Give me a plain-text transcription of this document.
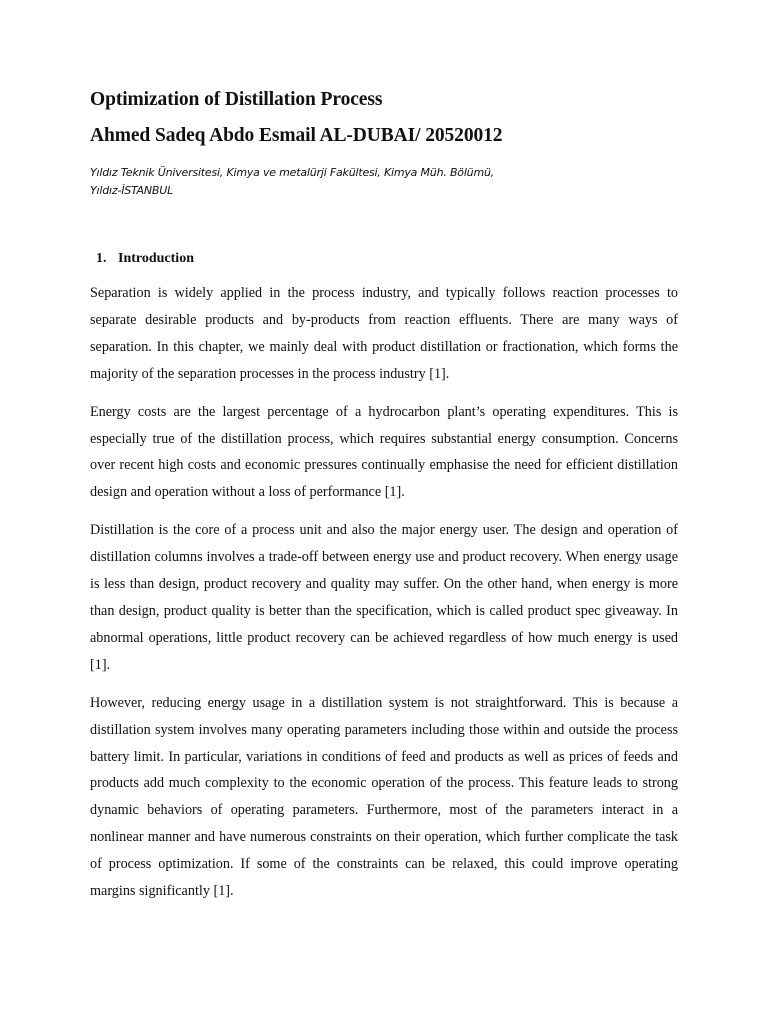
Optimization of Distillation Process
Ahmed Sadeq Abdo Esmail AL-DUBAI/ 20520012
Yıldız Teknik Üniversitesi, Kimya ve metalürji Fakültesi, Kimya Müh. Bölümü,
Yıldız-İSTANBUL
1. Introduction

Separation is widely applied in the process industry, and typically follows reaction processes to separate desirable products and by-products from reaction effluents. There are many ways of separation. In this chapter, we mainly deal with product distillation or fractionation, which forms the majority of the separation processes in the process industry [1].

Energy costs are the largest percentage of a hydrocarbon plant’s operating expenditures. This is especially true of the distillation process, which requires substantial energy consumption. Concerns over recent high costs and economic pressures continually emphasise the need for efficient distillation design and operation without a loss of performance [1].

Distillation is the core of a process unit and also the major energy user. The design and operation of distillation columns involves a trade-off between energy use and product recovery. When energy usage is less than design, product recovery and quality may suffer. On the other hand, when energy is more than design, product quality is better than the specification, which is called product spec giveaway. In abnormal operations, little product recovery can be achieved regardless of how much energy is used [1].

However, reducing energy usage in a distillation system is not straightforward. This is because a distillation system involves many operating parameters including those within and outside the process battery limit. In particular, variations in conditions of feed and products as well as prices of feeds and products add much complexity to the economic operation of the process. This feature leads to strong dynamic behaviors of operating parameters. Furthermore, most of the parameters interact in a nonlinear manner and have numerous constraints on their operation, which further complicate the task of process optimization. If some of the constraints can be relaxed, this could improve operating margins significantly [1].
